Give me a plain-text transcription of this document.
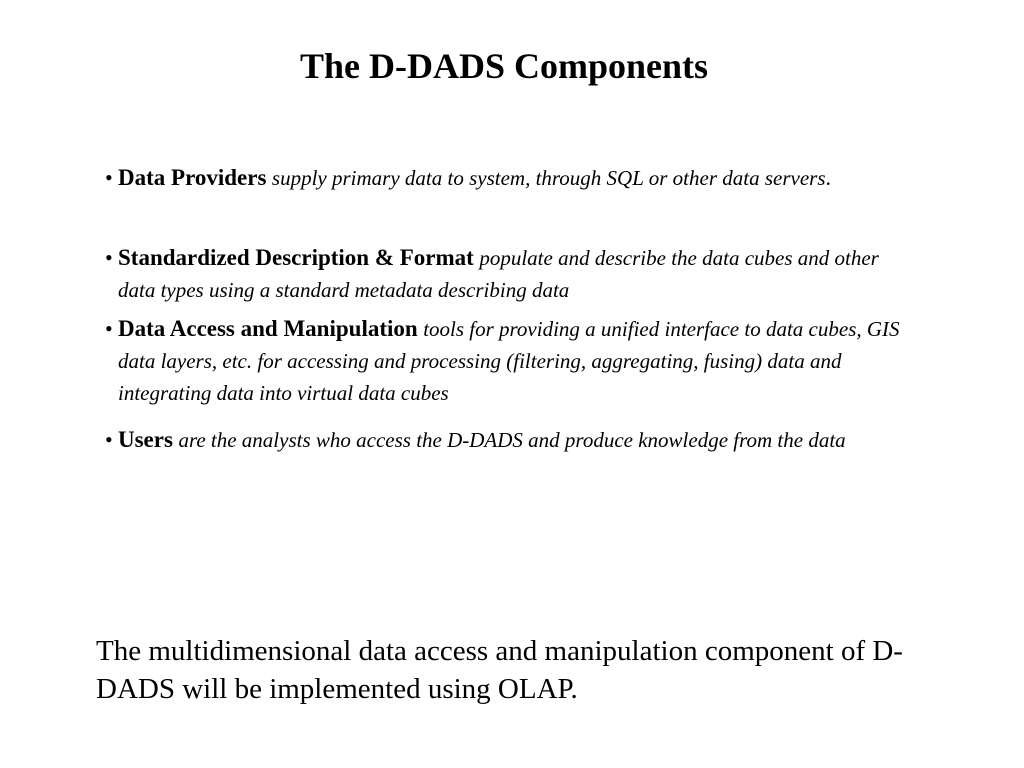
The D-DADS Components
• Data Providers supply primary data to system, through SQL or other data servers.
• Standardized Description & Format populate and describe the data cubes and other data types using a standard metadata describing data
• Data Access and Manipulation tools for providing a unified interface to data cubes, GIS data layers, etc. for accessing and processing (filtering, aggregating, fusing) data and integrating data into virtual data cubes
• Users are the analysts who access the D-DADS and produce knowledge from the data
The multidimensional data access and manipulation component of D-DADS will be implemented using OLAP.
